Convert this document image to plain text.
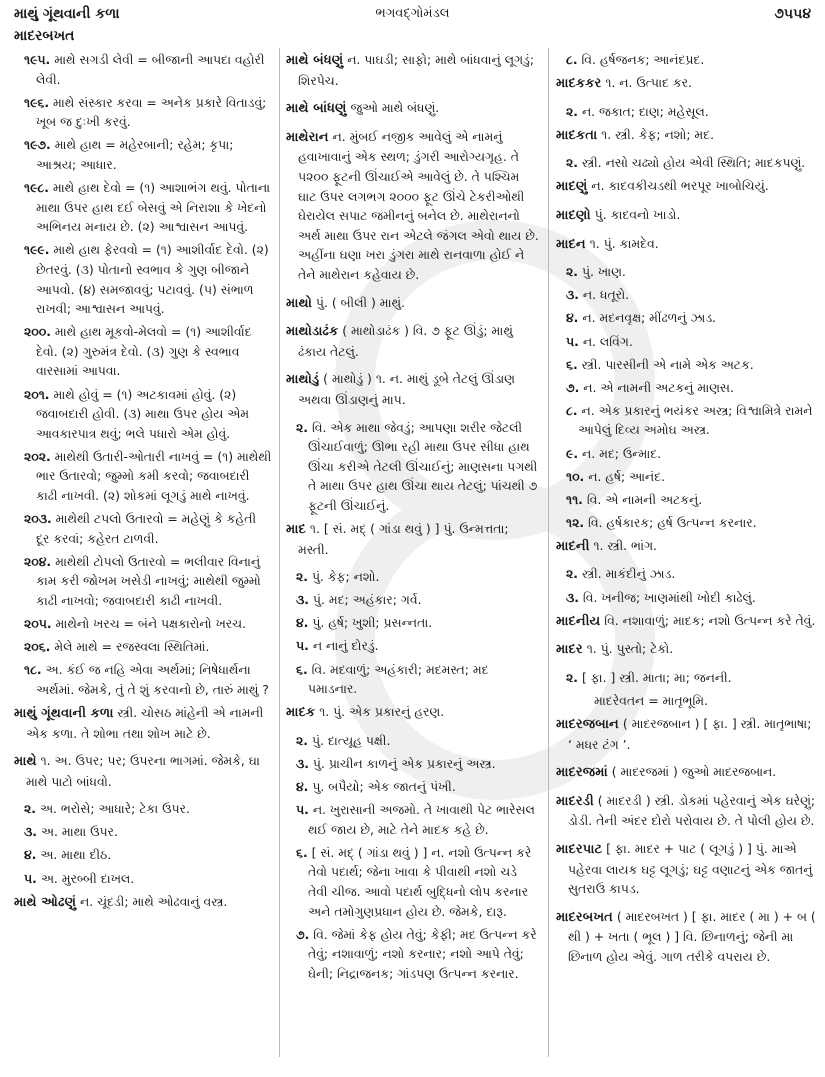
માથું ગૂંથવાની કળા	ભગવદ્ગોમંડલ	૭૫૫૪
માદરબખત
૧૯૫. માથે સગડી લેવી = બીજાની આપદા વહોરી લેવી.
૧૯૬. માથે સંસ્કાર કરવા = અનેક પ્રકારે વિતાડવું; ખૂબ જ દુઃખી કરવું.
૧૯૭. માથે હાથ = મહેરબાની; રહેમ; કૃપા; આશ્રય; આધાર.
૧૯૮. માથે હાથ દેવો = (૧) આશાભંગ થવું. પોતાના માથા ઉપર હાથ દઈ બેસવું એ નિરાશા કે ખેદનો અભિનય મનાય છે. (૨) આશ્વાસન આપવું.
૧૯૯. માથે હાથ ફેરવવો = (૧) આશીર્વાદ દેવો. (૨) છેતરવું. (૩) પોતાનો સ્વભાવ કે ગુણ બીજાને આપવો. (૪) સમજાવવું; પટાવવું. (૫) સંભાળ રાખવી; આશ્વાસન આપવું.
૨૦૦. માથે હાથ મૂકવો-મેલવો = (૧) આશીર્વાદ દેવો. (૨) ગુરુમંત્ર દેવો. (૩) ગુણ કે સ્વભાવ વારસામાં આપવા.
૨૦૧. માથે હોવું = (૧) અટકાવમાં હોવું. (૨) જવાબદારી હોવી. (૩) માથા ઉપર હોય એમ આવકારપાત્ર થવું; ભલે પધારો એમ હોવું.
૨૦૨. માથેથી ઉતારી-ઓતારી નાખવું = (૧) માથેથી ભાર ઉતારવો; જુમ્મો કમી કરવો; જવાબદારી કાઢી નાખવી. (૨) શોકમાં લૂગડું માથે નાખવું.
૨૦૩. માથેથી ટપલો ઉતારવો = મહેણું કે કહેતી દૂર કરવાં; કહેરત ટાળવી.
૨૦૪. માથેથી ટોપલો ઉતારવો = ભલીવાર વિનાનું કામ કરી જોખમ ખસેડી નાખવું; માથેથી જુમ્મો કાઢી નાખવો; જવાબદારી કાઢી નાખવી.
૨૦૫. માથેનો ખરચ = બંને પક્ષકારોનો ખરચ.
૨૦૬. મેલે માથે = રજસ્વલા સ્થિતિમાં.
૧૮. અ. કંઈ જ નહિ એવા અર્થમાં; નિષેધાર્થના અર્થમાં. જેમકે, તું તે શું કરવાનો છે, તારું માથું ?
માથું ગૂંથવાની કળા સ્ત્રી. ચોસઠ માંહેની એ નામની એક કળા. તે શોભા તથા શોખ માટે છે.
માથે ૧. અ. ઉપર; પર; ઉપરના ભાગમાં. જેમકે, ઘા માથે પાટો બાંધવો.
૨. અ. ભરોસે; આધારે; ટેકા ઉપર.
૩. અ. માથા ઉપર.
૪. અ. માથા દીઠ.
૫. અ. મુરબ્બી દાખલ.
માથે ઓઢણું ન. ચૂંદડી; માથે ઓઢવાનું વસ્ત્ર.
માથે બંધણું ન. પાઘડી; સાફો; માથે બાંધવાનું લૂગડું; શિરપેચ.
માથે બાંધણું જુઓ માથે બંધણું.
માથેરાન ન. મુંબઈ નજીક આવેલું એ નામનું હવાખાવાનું એક સ્થળ; ડુંગરી આરોગ્યગૃહ. તે ૫૨૦૦ ફૂટની ઊંચાઈએ આવેલું છે. તે પશ્ચિમ ઘાટ ઉપર લગભગ ૨૦૦૦ ફૂટ ઊંચે ટેકરીઓથી ઘેરાયેલ સપાટ જમીનનું બનેલ છે. માથેરાનનો અર્થ માથા ઉપર રાન એટલે જંગલ એવો થાય છે. અહીંના ઘણા ખરા ડુંગરા માથે રાનવાળા હોઈ ને તેને માથેરાન કહેવાય છે.
માથો પું. ( બીલી ) માથું.
માથોડાઢંક ( માથોડાઢંક ) વિ. ૭ ફૂટ ઊંડું; માથું ઢંકાય તેટલું.
માથોડું ( માથોડું ) ૧. ન. માથું ડૂબે તેટલું ઊંડાણ અથવા ઊંડાણનું માપ.
૨. વિ. એક માથા જેવડું; આપણા શરીર જેટલી ઊંચાઈવાળું; ઊભા રહી માથા ઉપર સીધા હાથ ઊંચા કરીએ તેટલી ઊંચાઈનું; માણસના પગથી તે માથા ઉપર હાથ ઊંચા થાય તેટલું; પાંચથી ૭ ફૂટની ઊંચાઈનું.
માદ ૧. [ સં. મદ્ ( ગાંડા થવું ) ] પું. ઉન્મત્તતા; મસ્તી.
૨. પું. કેફ; નશો.
૩. પું. મદ; અહંકાર; ગર્વ.
૪. પું. હર્ષ; ખુશી; પ્રસન્નતા.
૫. ન નાનું દોરડું.
૬. વિ. મદવાળું; અહંકારી; મદમસ્ત; મદ પમાડનાર.
માદક ૧. પું. એક પ્રકારનું હરણ.
૨. પું. દાત્યૂહ પક્ષી.
૩. પું. પ્રાચીન કાળનું એક પ્રકારનું અસ્ત્ર.
૪. પુ. બપૈયો; એક જાતનું પંખી.
૫. ન. ખુરાસાની અજમો. તે ખાવાથી પેટ ભારેસલ થઈ જાય છે, માટે તેને માદક કહે છે.
૬. [ સં. મદ્ ( ગાંડા થવું ) ] ન. નશો ઉત્પન્ન કરે તેવો પદાર્થ; જેના ખાવા કે પીવાથી નશો ચડે તેવી ચીજ. આવો પદાર્થ બુદ્ધિનો લોપ કરનાર અને તમોગુણપ્રધાન હોય છે. જેમકે, દારૂ.
૭. વિ. જેમાં કેફ હોય તેવું; કેફી; મદ ઉત્પન્ન કરે તેવું; નશાવાળું; નશો કરનાર; નશો આપે તેવું; ઘેની; નિદ્રાજનક; ગાંડપણ ઉત્પન્ન કરનાર.
૮. વિ. હર્ષજનક; આનંદપ્રદ.
માદકકર ૧. ન. ઉત્પાદ કર.
૨. ન. જકાત; દાણ; મહેસૂલ.
માદકતા ૧. સ્ત્રી. કેફ; નશો; મદ.
૨. સ્ત્રી. નસો ચઢ્યો હોય એવી સ્થિતિ; માદકપણું.
માદણું ન. કાદવકીચડથી ભરપૂર ખાબોચિયું.
માદણો પું. કાદવનો ખાડો.
માદન ૧. પું. કામદેવ.
૨. પું. ખાણ.
૩. ન. ધતૂરો.
૪. ન. મદનવૃક્ષ; મીંઢળનું ઝાડ.
૫. ન. લવિંગ.
૬. સ્ત્રી. પારસીની એ નામે એક અટક.
૭. ન. એ નામની અટકનું માણસ.
૮. ન. એક પ્રકારનું ભયંકર અસ્ત્ર; વિશ્વામિત્રે રામને આપેલું દિવ્ય અમોઘ અસ્ત્ર.
૯. ન. મદ; ઉન્માદ.
૧૦. ન. હર્ષ; આનંદ.
૧૧. વિ. એ નામની અટકનું.
૧૨. વિ. હર્ષકારક; હર્ષ ઉત્પન્ન કરનાર.
માદની ૧. સ્ત્રી. ભાંગ.
૨. સ્ત્રી. માકંદીનું ઝાડ.
૩. વિ. ખનીજ; ખાણમાંથી ખોદી કાઢેલું.
માદનીય વિ. નશાવાળું; માદક; નશો ઉત્પન્ન કરે તેવું.
માદર ૧. પું. પુસ્તો; ટેકો.
૨. [ ફા. ] સ્ત્રી. માતા; મા; જનની.
માદરેવતન = માતૃભૂમિ.
માદરજબાન ( માદરજબાન ) [ ફા. ] સ્ત્રી. માતૃભાષા; ‘ મધર ટંગ ’.
માદરજમાં ( માદરજમાં ) જુઓ માદરજબાન.
માદરડી ( માદરડી ) સ્ત્રી. ડોકમાં પહેરવાનું એક ઘરેણું; ડોડી. તેની અંદર દોરો પરોવાય છે. તે પોલી હોય છે.
માદરપાટ [ ફા. માદર + પાટ ( લૂગડું ) ] પું. માએ પહેરવા લાયક ઘટ્ટ લૂગડું; ઘટ્ટ વણાટનું એક જાતનું સુતરાઉ કાપડ.
માદરબખત ( માદરબખત ) [ ફા. માદર ( મા ) + બ ( થી ) + ખતા ( ભૂલ ) ] વિ. છિનાળનું; જેની મા છિનાળ હોય એવું. ગાળ તરીકે વપરાય છે.
